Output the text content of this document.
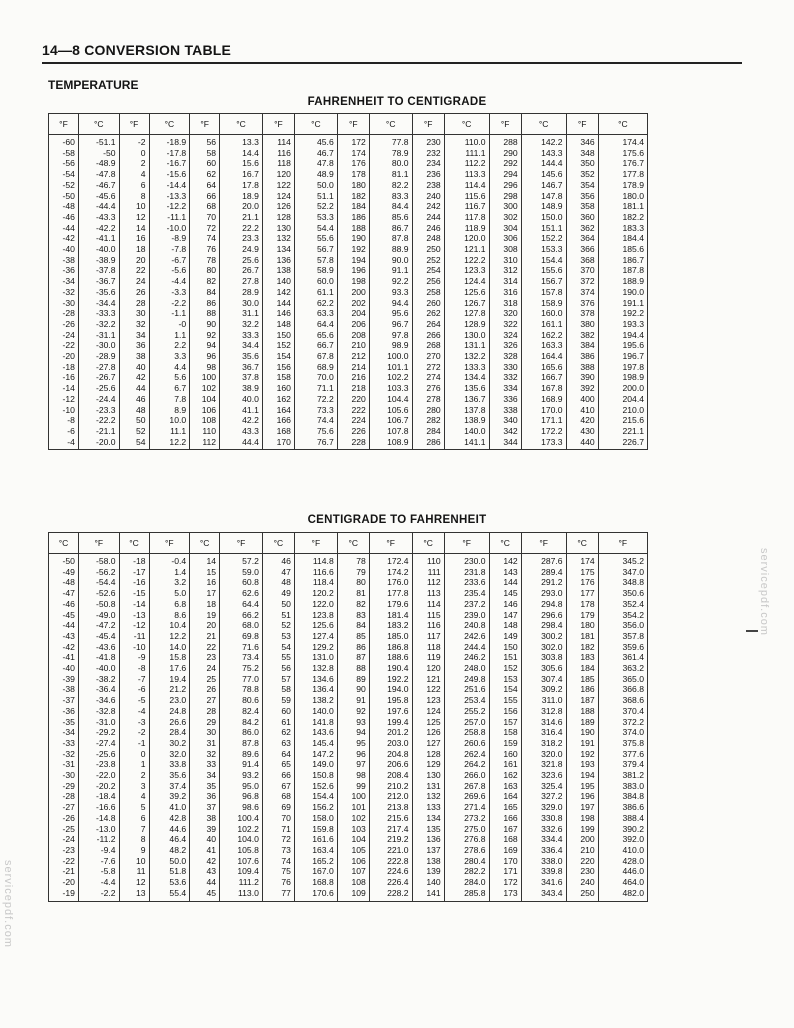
14—8 CONVERSION TABLE
TEMPERATURE
FAHRENHEIT TO CENTIGRADE
°F	°C	°F	°C	°F	°C	°F	°C	°F	°C	°F	°C	°F	°C	°F	°C
-60	-51.1	-2	-18.9	56	13.3	114	45.6	172	77.8	230	110.0	288	142.2	346	174.4
-58	-50	0	-17.8	58	14.4	116	46.7	174	78.9	232	111.1	290	143.3	348	175.6
-56	-48.9	2	-16.7	60	15.6	118	47.8	176	80.0	234	112.2	292	144.4	350	176.7
-54	-47.8	4	-15.6	62	16.7	120	48.9	178	81.1	236	113.3	294	145.6	352	177.8
-52	-46.7	6	-14.4	64	17.8	122	50.0	180	82.2	238	114.4	296	146.7	354	178.9
-50	-45.6	8	-13.3	66	18.9	124	51.1	182	83.3	240	115.6	298	147.8	356	180.0
-48	-44.4	10	-12.2	68	20.0	126	52.2	184	84.4	242	116.7	300	148.9	358	181.1
-46	-43.3	12	-11.1	70	21.1	128	53.3	186	85.6	244	117.8	302	150.0	360	182.2
-44	-42.2	14	-10.0	72	22.2	130	54.4	188	86.7	246	118.9	304	151.1	362	183.3
-42	-41.1	16	-8.9	74	23.3	132	55.6	190	87.8	248	120.0	306	152.2	364	184.4
-40	-40.0	18	-7.8	76	24.9	134	56.7	192	88.9	250	121.1	308	153.3	366	185.6
-38	-38.9	20	-6.7	78	25.6	136	57.8	194	90.0	252	122.2	310	154.4	368	186.7
-36	-37.8	22	-5.6	80	26.7	138	58.9	196	91.1	254	123.3	312	155.6	370	187.8
-34	-36.7	24	-4.4	82	27.8	140	60.0	198	92.2	256	124.4	314	156.7	372	188.9
-32	-35.6	26	-3.3	84	28.9	142	61.1	200	93.3	258	125.6	316	157.8	374	190.0
-30	-34.4	28	-2.2	86	30.0	144	62.2	202	94.4	260	126.7	318	158.9	376	191.1
-28	-33.3	30	-1.1	88	31.1	146	63.3	204	95.6	262	127.8	320	160.0	378	192.2
-26	-32.2	32	-0	90	32.2	148	64.4	206	96.7	264	128.9	322	161.1	380	193.3
-24	-31.1	34	1.1	92	33.3	150	65.6	208	97.8	266	130.0	324	162.2	382	194.4
-22	-30.0	36	2.2	94	34.4	152	66.7	210	98.9	268	131.1	326	163.3	384	195.6
-20	-28.9	38	3.3	96	35.6	154	67.8	212	100.0	270	132.2	328	164.4	386	196.7
-18	-27.8	40	4.4	98	36.7	156	68.9	214	101.1	272	133.3	330	165.6	388	197.8
-16	-26.7	42	5.6	100	37.8	158	70.0	216	102.2	274	134.4	332	166.7	390	198.9
-14	-25.6	44	6.7	102	38.9	160	71.1	218	103.3	276	135.6	334	167.8	392	200.0
-12	-24.4	46	7.8	104	40.0	162	72.2	220	104.4	278	136.7	336	168.9	400	204.4
-10	-23.3	48	8.9	106	41.1	164	73.3	222	105.6	280	137.8	338	170.0	410	210.0
-8	-22.2	50	10.0	108	42.2	166	74.4	224	106.7	282	138.9	340	171.1	420	215.6
-6	-21.1	52	11.1	110	43.3	168	75.6	226	107.8	284	140.0	342	172.2	430	221.1
-4	-20.0	54	12.2	112	44.4	170	76.7	228	108.9	286	141.1	344	173.3	440	226.7
CENTIGRADE TO FAHRENHEIT
°C	°F	°C	°F	°C	°F	°C	°F	°C	°F	°C	°F	°C	°F	°C	°F
-50	-58.0	-18	-0.4	14	57.2	46	114.8	78	172.4	110	230.0	142	287.6	174	345.2
-49	-56.2	-17	1.4	15	59.0	47	116.6	79	174.2	111	231.8	143	289.4	175	347.0
-48	-54.4	-16	3.2	16	60.8	48	118.4	80	176.0	112	233.6	144	291.2	176	348.8
-47	-52.6	-15	5.0	17	62.6	49	120.2	81	177.8	113	235.4	145	293.0	177	350.6
-46	-50.8	-14	6.8	18	64.4	50	122.0	82	179.6	114	237.2	146	294.8	178	352.4
-45	-49.0	-13	8.6	19	66.2	51	123.8	83	181.4	115	239.0	147	296.6	179	354.2
-44	-47.2	-12	10.4	20	68.0	52	125.6	84	183.2	116	240.8	148	298.4	180	356.0
-43	-45.4	-11	12.2	21	69.8	53	127.4	85	185.0	117	242.6	149	300.2	181	357.8
-42	-43.6	-10	14.0	22	71.6	54	129.2	86	186.8	118	244.4	150	302.0	182	359.6
-41	-41.8	-9	15.8	23	73.4	55	131.0	87	188.6	119	246.2	151	303.8	183	361.4
-40	-40.0	-8	17.6	24	75.2	56	132.8	88	190.4	120	248.0	152	305.6	184	363.2
-39	-38.2	-7	19.4	25	77.0	57	134.6	89	192.2	121	249.8	153	307.4	185	365.0
-38	-36.4	-6	21.2	26	78.8	58	136.4	90	194.0	122	251.6	154	309.2	186	366.8
-37	-34.6	-5	23.0	27	80.6	59	138.2	91	195.8	123	253.4	155	311.0	187	368.6
-36	-32.8	-4	24.8	28	82.4	60	140.0	92	197.6	124	255.2	156	312.8	188	370.4
-35	-31.0	-3	26.6	29	84.2	61	141.8	93	199.4	125	257.0	157	314.6	189	372.2
-34	-29.2	-2	28.4	30	86.0	62	143.6	94	201.2	126	258.8	158	316.4	190	374.0
-33	-27.4	-1	30.2	31	87.8	63	145.4	95	203.0	127	260.6	159	318.2	191	375.8
-32	-25.6	0	32.0	32	89.6	64	147.2	96	204.8	128	262.4	160	320.0	192	377.6
-31	-23.8	1	33.8	33	91.4	65	149.0	97	206.6	129	264.2	161	321.8	193	379.4
-30	-22.0	2	35.6	34	93.2	66	150.8	98	208.4	130	266.0	162	323.6	194	381.2
-29	-20.2	3	37.4	35	95.0	67	152.6	99	210.2	131	267.8	163	325.4	195	383.0
-28	-18.4	4	39.2	36	96.8	68	154.4	100	212.0	132	269.6	164	327.2	196	384.8
-27	-16.6	5	41.0	37	98.6	69	156.2	101	213.8	133	271.4	165	329.0	197	386.6
-26	-14.8	6	42.8	38	100.4	70	158.0	102	215.6	134	273.2	166	330.8	198	388.4
-25	-13.0	7	44.6	39	102.2	71	159.8	103	217.4	135	275.0	167	332.6	199	390.2
-24	-11.2	8	46.4	40	104.0	72	161.6	104	219.2	136	276.8	168	334.4	200	392.0
-23	-9.4	9	48.2	41	105.8	73	163.4	105	221.0	137	278.6	169	336.4	210	410.0
-22	-7.6	10	50.0	42	107.6	74	165.2	106	222.8	138	280.4	170	338.0	220	428.0
-21	-5.8	11	51.8	43	109.4	75	167.0	107	224.6	139	282.2	171	339.8	230	446.0
-20	-4.4	12	53.6	44	111.2	76	168.8	108	226.4	140	284.0	172	341.6	240	464.0
-19	-2.2	13	55.4	45	113.0	77	170.6	109	228.2	141	285.8	173	343.4	250	482.0
servicepdf.com
servicepdf.com
